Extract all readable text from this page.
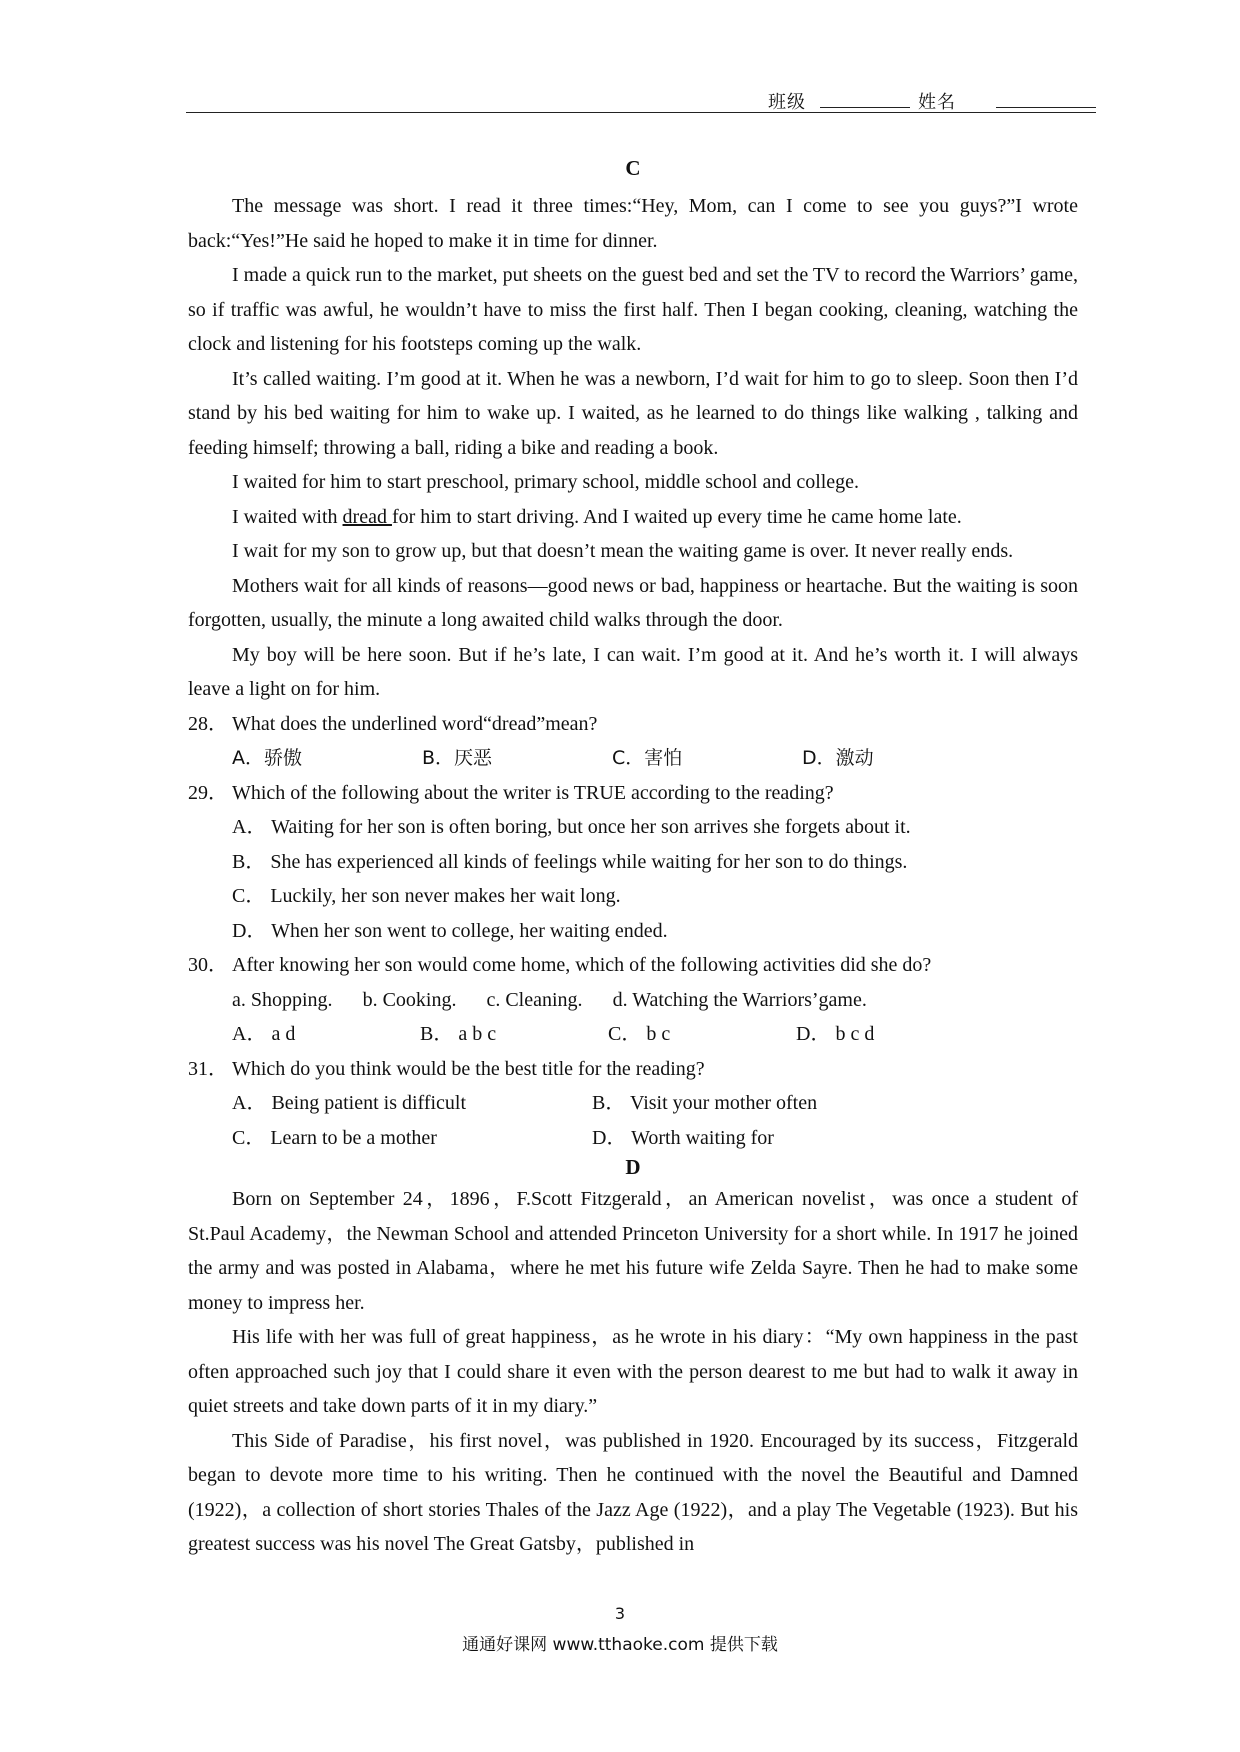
班级	姓名
C

The message was short. I read it three times:“Hey, Mom, can I come to see you guys?”I wrote back:“Yes!”He said he hoped to make it in time for dinner.

I made a quick run to the market, put sheets on the guest bed and set the TV to record the Warriors’ game, so if traffic was awful, he wouldn’t have to miss the first half. Then I began cooking, cleaning, watching the clock and listening for his footsteps coming up the walk.

It’s called waiting. I’m good at it. When he was a newborn, I’d wait for him to go to sleep. Soon then I’d stand by his bed waiting for him to wake up. I waited, as he learned to do things like walking , talking and feeding himself; throwing a ball, riding a bike and reading a book.

I waited for him to start preschool, primary school, middle school and college.

I waited with dread for him to start driving. And I waited up every time he came home late.

I wait for my son to grow up, but that doesn’t mean the waiting game is over. It never really ends.

Mothers wait for all kinds of reasons—good news or bad, happiness or heartache. But the waiting is soon forgotten, usually, the minute a long awaited child walks through the door.

My boy will be here soon. But if he’s late, I can wait. I’m good at it. And he’s worth it. I will always leave a light on for him.

28． What does the underlined word“dread”mean?
A．骄傲	B．厌恶	C．害怕	D．激动
29． Which of the following about the writer is TRUE according to the reading?
A． Waiting for her son is often boring, but once her son arrives she forgets about it.
B． She has experienced all kinds of feelings while waiting for her son to do things.
C． Luckily, her son never makes her wait long.
D． When her son went to college, her waiting ended.
30． After knowing her son would come home, which of the following activities did she do?
a. Shopping. b. Cooking. c. Cleaning. d. Watching the Warriors’game.
A． a d	B． a b c	C． b c	D． b c d
31． Which do you think would be the best title for the reading?
A． Being patient is difficult	B． Visit your mother often
C． Learn to be a mother	D． Worth waiting for
D

Born on September 24，1896，F.Scott Fitzgerald，an American novelist，was once a student of St.Paul Academy，the Newman School and attended Princeton University for a short while. In 1917 he joined the army and was posted in Alabama，where he met his future wife Zelda Sayre. Then he had to make some money to impress her.

His life with her was full of great happiness，as he wrote in his diary：“My own happiness in the past often approached such joy that I could share it even with the person dearest to me but had to walk it away in quiet streets and take down parts of it in my diary.”

This Side of Paradise，his first novel，was published in 1920. Encouraged by its success，Fitzgerald began to devote more time to his writing. Then he continued with the novel the Beautiful and Damned (1922)，a collection of short stories Thales of the Jazz Age (1922)，and a play The Vegetable (1923). But his greatest success was his novel The Great Gatsby，published in

3
通通好课网 www.tthaoke.com 提供下载
